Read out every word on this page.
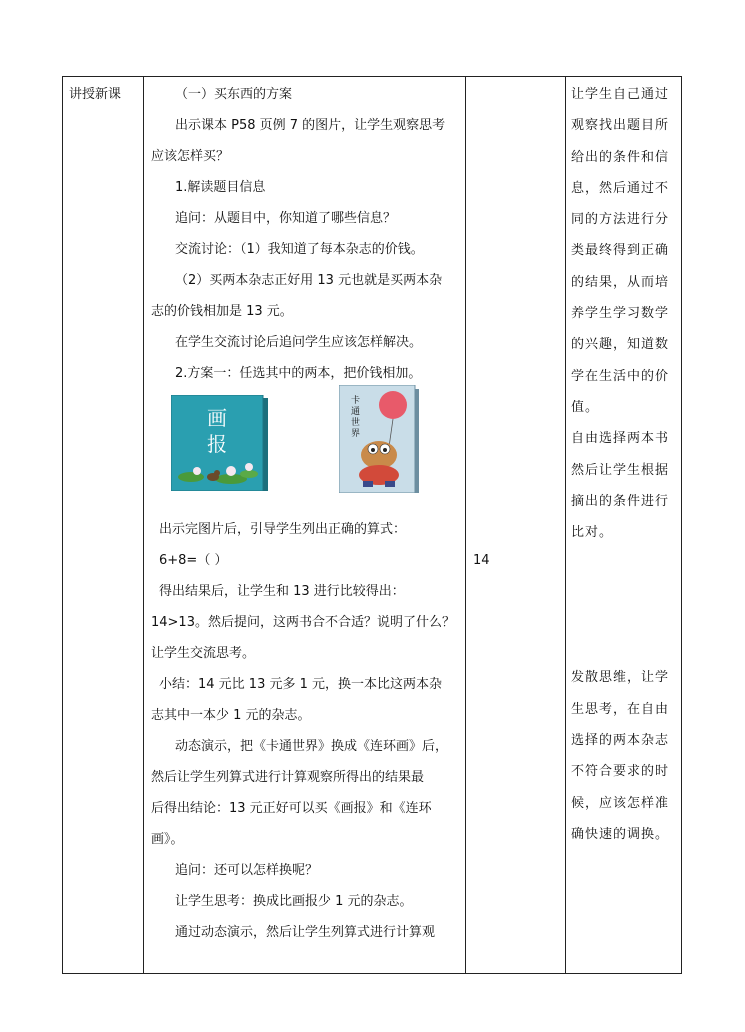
讲授新课	（一）买东西的方案
出示课本 P58 页例 7 的图片，让学生观察思考
应该怎样买？
1.解读题目信息
追问：从题目中，你知道了哪些信息？
交流讨论：（1）我知道了每本杂志的价钱。
（2）买两本杂志正好用 13 元也就是买两本杂
志的价钱相加是 13 元。
在学生交流讨论后追问学生应该怎样解决。
2.方案一：任选其中的两本，把价钱相加。
画
报
卡
通
世
界
出示完图片后，引导学生列出正确的算式：
6+8=（ ）
得出结果后，让学生和 13 进行比较得出：
14>13。然后提问，这两书合不合适？说明了什么？
让学生交流思考。
小结：14 元比 13 元多 1 元，换一本比这两本杂
志其中一本少 1 元的杂志。
动态演示，把《卡通世界》换成《连环画》后，
然后让学生列算式进行计算观察所得出的结果最
后得出结论：13 元正好可以买《画报》和《连环
画》。
追问：还可以怎样换呢？
让学生思考：换成比画报少 1 元的杂志。
通过动态演示，然后让学生列算式进行计算观
14
让学生自己通过
观察找出题目所
给出的条件和信
息，然后通过不
同的方法进行分
类最终得到正确
的结果，从而培
养学生学习数学
的兴趣，知道数
学在生活中的价
值。
自由选择两本书
然后让学生根据
摘出的条件进行
比对。
发散思维，让学
生思考，在自由
选择的两本杂志
不符合要求的时
候，应该怎样准
确快速的调换。
